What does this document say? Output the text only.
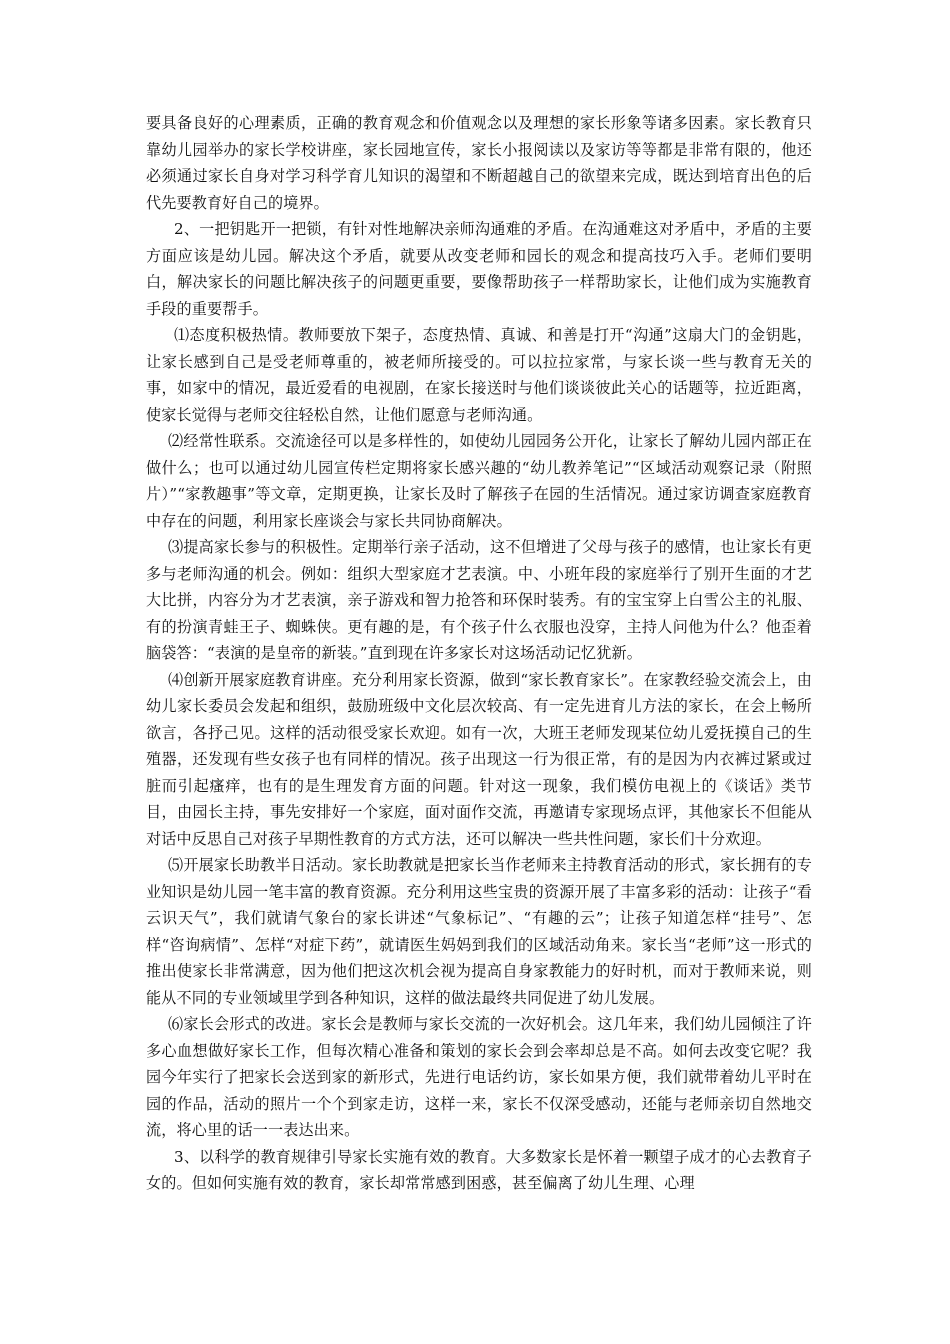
要具备良好的心理素质，正确的教育观念和价值观念以及理想的家长形象等诸多因素。家长教育只靠幼儿园举办的家长学校讲座，家长园地宣传，家长小报阅读以及家访等等都是非常有限的，他还必须通过家长自身对学习科学育儿知识的渴望和不断超越自己的欲望来完成，既达到培育出色的后代先要教育好自己的境界。

2、一把钥匙开一把锁，有针对性地解决亲师沟通难的矛盾。在沟通难这对矛盾中，矛盾的主要方面应该是幼儿园。解决这个矛盾，就要从改变老师和园长的观念和提高技巧入手。老师们要明白，解决家长的问题比解决孩子的问题更重要，要像帮助孩子一样帮助家长，让他们成为实施教育手段的重要帮手。

⑴态度积极热情。教师要放下架子，态度热情、真诚、和善是打开“沟通”这扇大门的金钥匙，让家长感到自己是受老师尊重的，被老师所接受的。可以拉拉家常，与家长谈一些与教育无关的事，如家中的情况，最近爱看的电视剧，在家长接送时与他们谈谈彼此关心的话题等，拉近距离，使家长觉得与老师交往轻松自然，让他们愿意与老师沟通。

⑵经常性联系。交流途径可以是多样性的，如使幼儿园园务公开化，让家长了解幼儿园内部正在做什么；也可以通过幼儿园宣传栏定期将家长感兴趣的“幼儿教养笔记”“区域活动观察记录（附照片）”“家教趣事”等文章，定期更换，让家长及时了解孩子在园的生活情况。通过家访调查家庭教育中存在的问题，利用家长座谈会与家长共同协商解决。

⑶提高家长参与的积极性。定期举行亲子活动，这不但增进了父母与孩子的感情，也让家长有更多与老师沟通的机会。例如：组织大型家庭才艺表演。中、小班年段的家庭举行了别开生面的才艺大比拼，内容分为才艺表演，亲子游戏和智力抢答和环保时装秀。有的宝宝穿上白雪公主的礼服、有的扮演青蛙王子、蜘蛛侠。更有趣的是，有个孩子什么衣服也没穿，主持人问他为什么？他歪着脑袋答：“表演的是皇帝的新装。”直到现在许多家长对这场活动记忆犹新。

⑷创新开展家庭教育讲座。充分利用家长资源，做到“家长教育家长”。在家教经验交流会上，由幼儿家长委员会发起和组织，鼓励班级中文化层次较高、有一定先进育儿方法的家长，在会上畅所欲言，各抒己见。这样的活动很受家长欢迎。如有一次，大班王老师发现某位幼儿爱抚摸自己的生殖器，还发现有些女孩子也有同样的情况。孩子出现这一行为很正常，有的是因为内衣裤过紧或过脏而引起瘙痒，也有的是生理发育方面的问题。针对这一现象，我们模仿电视上的《谈话》类节目，由园长主持，事先安排好一个家庭，面对面作交流，再邀请专家现场点评，其他家长不但能从对话中反思自己对孩子早期性教育的方式方法，还可以解决一些共性问题，家长们十分欢迎。

⑸开展家长助教半日活动。家长助教就是把家长当作老师来主持教育活动的形式，家长拥有的专业知识是幼儿园一笔丰富的教育资源。充分利用这些宝贵的资源开展了丰富多彩的活动：让孩子“看云识天气”，我们就请气象台的家长讲述“气象标记”、“有趣的云”；让孩子知道怎样“挂号”、怎样“咨询病情”、怎样“对症下药”，就请医生妈妈到我们的区域活动角来。家长当“老师”这一形式的推出使家长非常满意，因为他们把这次机会视为提高自身家教能力的好时机，而对于教师来说，则能从不同的专业领域里学到各种知识，这样的做法最终共同促进了幼儿发展。

⑹家长会形式的改进。家长会是教师与家长交流的一次好机会。这几年来，我们幼儿园倾注了许多心血想做好家长工作，但每次精心准备和策划的家长会到会率却总是不高。如何去改变它呢？我园今年实行了把家长会送到家的新形式，先进行电话约访，家长如果方便，我们就带着幼儿平时在园的作品，活动的照片一个个到家走访，这样一来，家长不仅深受感动，还能与老师亲切自然地交流，将心里的话一一表达出来。

3、以科学的教育规律引导家长实施有效的教育。大多数家长是怀着一颗望子成才的心去教育子女的。但如何实施有效的教育，家长却常常感到困惑，甚至偏离了幼儿生理、心理
